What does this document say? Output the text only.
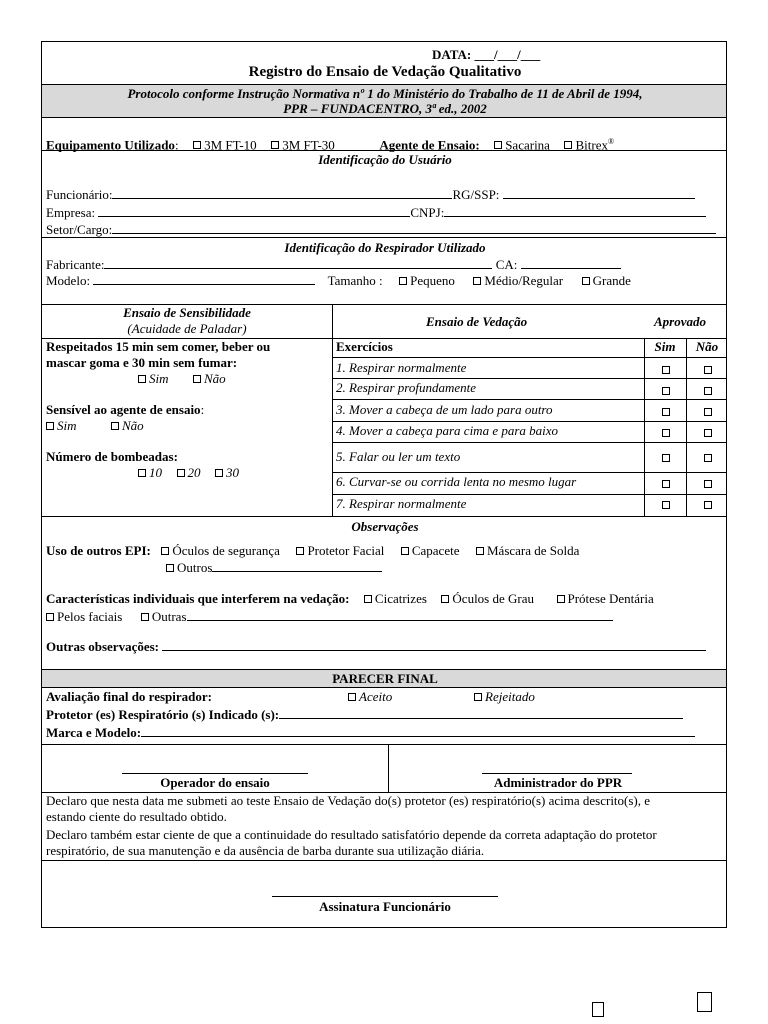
DATA: ___/___/___
Registro do Ensaio de Vedação Qualitativo
Protocolo conforme Instrução Normativa nº 1 do Ministério do Trabalho de 11 de Abril de 1994,
PPR – FUNDACENTRO, 3ª ed., 2002
Equipamento Utilizado: 3M FT-10 3M FT-30	Agente de Ensaio: Sacarina Bitrex®
Identificação do Usuário
Funcionário:	RG/SSP:
Empresa:	CNPJ:
Setor/Cargo:
Identificação do Respirador Utilizado
Fabricante:	CA:
Modelo:	Tamanho : Pequeno Médio/Regular Grande
Ensaio de Sensibilidade
(Acuidade de Paladar)	Ensaio de Vedação	Aprovado
Respeitados 15 min sem comer, beber ou
mascar goma e 30 min sem fumar:
Sim	Não
Sensível ao agente de ensaio:
Sim	Não
Número de bombeadas:
10 20 30
Exercícios	Sim	Não
1. Respirar normalmente
2. Respirar profundamente
3. Mover a cabeça de um lado para outro
4. Mover a cabeça para cima e para baixo
5. Falar ou ler um texto
6. Curvar-se ou corrida lenta no mesmo lugar
7. Respirar normalmente
Observações
Uso de outros EPI: Óculos de segurança Protetor Facial Capacete Máscara de Solda
Outros
Características individuais que interferem na vedação: Cicatrizes Óculos de Grau	Prótese Dentária
Pelos faciais Outras
Outras observações:
PARECER FINAL
Avaliação final do respirador:	Aceito	Rejeitado
Protetor (es) Respiratório (s) Indicado (s):
Marca e Modelo:
Operador do ensaio	Administrador do PPR
Declaro que nesta data me submeti ao teste Ensaio de Vedação do(s) protetor (es) respiratório(s) acima descrito(s), e
estando ciente do resultado obtido.
Declaro também estar ciente de que a continuidade do resultado satisfatório depende da correta adaptação do protetor
respiratório, de sua manutenção e da ausência de barba durante sua utilização diária.
Assinatura Funcionário
